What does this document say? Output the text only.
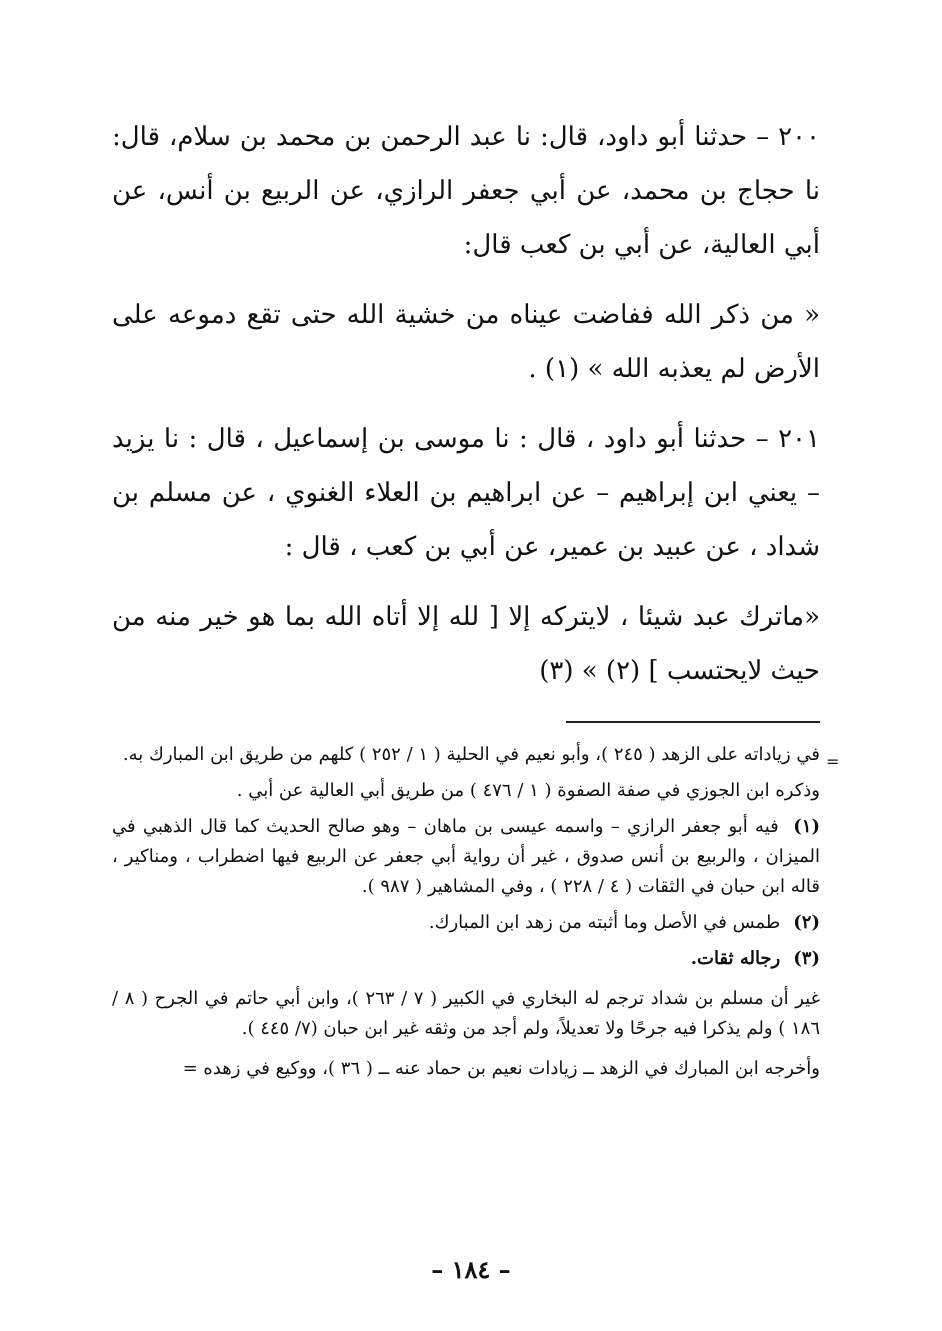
٢٠٠ – حدثنا أبو داود، قال: نا عبد الرحمن بن محمد بن سلام، قال: نا حجاج بن محمد، عن أبي جعفر الرازي، عن الربيع بن أنس، عن أبي العالية، عن أبي بن كعب قال:

« من ذكر الله ففاضت عيناه من خشية الله حتى تقع دموعه على الأرض لم يعذبه الله » (١) .

٢٠١ – حدثنا أبو داود ، قال : نا موسى بن إسماعيل ، قال : نا يزيد – يعني ابن إبراهيم – عن ابراهيم بن العلاء الغنوي ، عن مسلم بن شداد ، عن عبيد بن عمير، عن أبي بن كعب ، قال :

«ماترك عبد شيئا ، لايتركه إلا [ لله إلا أتاه الله بما هو خير منه من حيث لايحتسب ] (٢) » (٣)

=

في زياداته على الزهد ( ٢٤٥ )، وأبو نعيم في الحلية ( ١ / ٢٥٢ ) كلهم من طريق ابن المبارك به.

وذكره ابن الجوزي في صفة الصفوة ( ١ / ٤٧٦ ) من طريق أبي العالية عن أبي .

(١) فيه أبو جعفر الرازي – واسمه عيسى بن ماهان – وهو صالح الحديث كما قال الذهبي في الميزان ، والربيع بن أنس صدوق ، غير أن رواية أبي جعفر عن الربيع فيها اضطراب ، ومناكير ، قاله ابن حبان في الثقات ( ٤ / ٢٢٨ ) ، وفي المشاهير ( ٩٨٧ ).

(٢) طمس في الأصل وما أثبته من زهد ابن المبارك.

(٣) رجاله ثقات.

غير أن مسلم بن شداد ترجم له البخاري في الكبير ( ٧ / ٢٦٣ )، وابن أبي حاتم في الجرح ( ٨ / ١٨٦ ) ولم يذكرا فيه جرحًا ولا تعديلاً، ولم أجد من وثقه غير ابن حبان (٧/ ٤٤٥ ).

وأخرجه ابن المبارك في الزهد ــ زيادات نعيم بن حماد عنه ــ ( ٣٦ )، ووكيع في زهده =

– ١٨٤ –
